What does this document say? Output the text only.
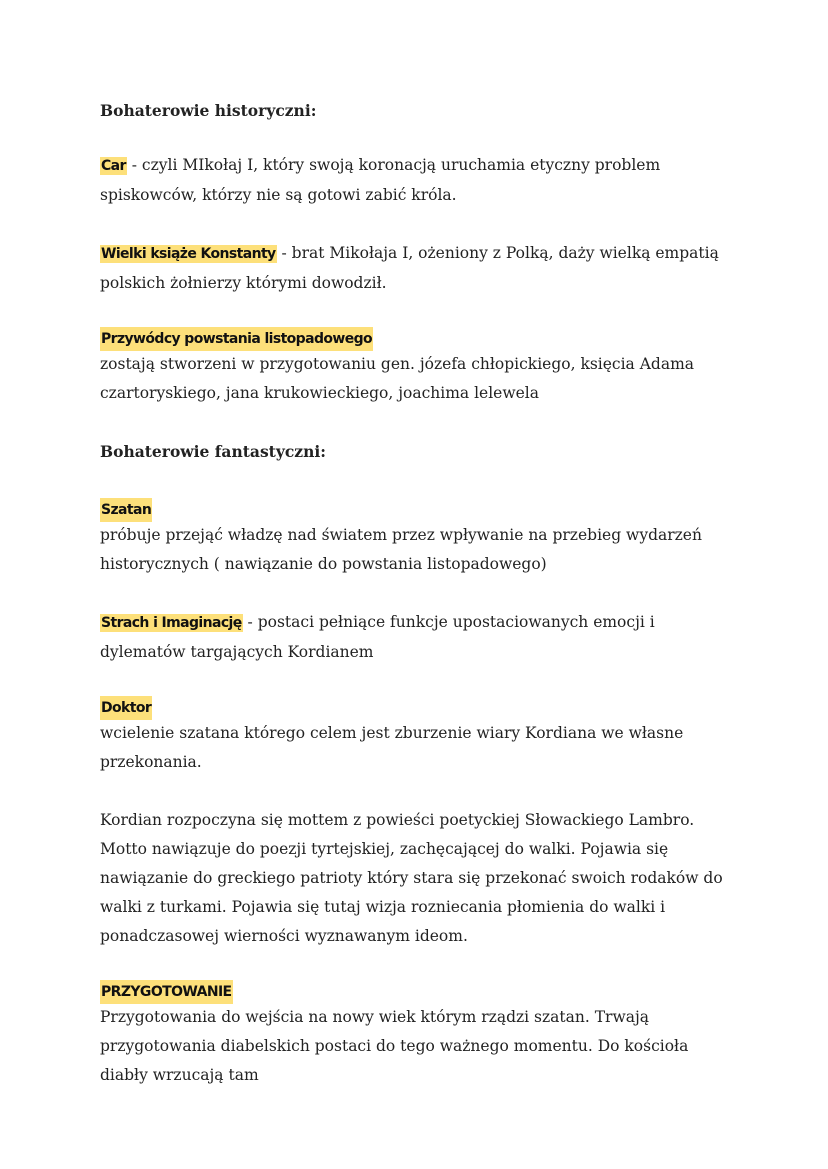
Bohaterowie historyczni:

Car - czyli MIkołaj I, który swoją koronacją uruchamia etyczny problem spiskowców, którzy nie są gotowi zabić króla.

Wielki książe Konstanty - brat Mikołaja I, ożeniony z Polką, daży wielką empatią polskich żołnierzy którymi dowodził.

Przywódcy powstania listopadowego

zostają stworzeni w przygotowaniu gen. józefa chłopickiego, księcia Adama czartoryskiego, jana krukowieckiego, joachima lelewela

Bohaterowie fantastyczni:

Szatan

próbuje przejąć władzę nad światem przez wpływanie na przebieg wydarzeń historycznych ( nawiązanie do powstania listopadowego)

Strach i Imaginację - postaci pełniące funkcje upostaciowanych emocji i dylematów targających Kordianem

Doktor

wcielenie szatana którego celem jest zburzenie wiary Kordiana we własne przekonania.

Kordian rozpoczyna się mottem z powieści poetyckiej Słowackiego Lambro. Motto nawiązuje do poezji tyrtejskiej, zachęcającej do walki. Pojawia się nawiązanie do greckiego patrioty który stara się przekonać swoich rodaków do walki z turkami. Pojawia się tutaj wizja rozniecania płomienia do walki i ponadczasowej wierności wyznawanym ideom.

PRZYGOTOWANIE

Przygotowania do wejścia na nowy wiek którym rządzi szatan. Trwają przygotowania diabelskich postaci do tego ważnego momentu. Do kościoła diabły wrzucają tam
